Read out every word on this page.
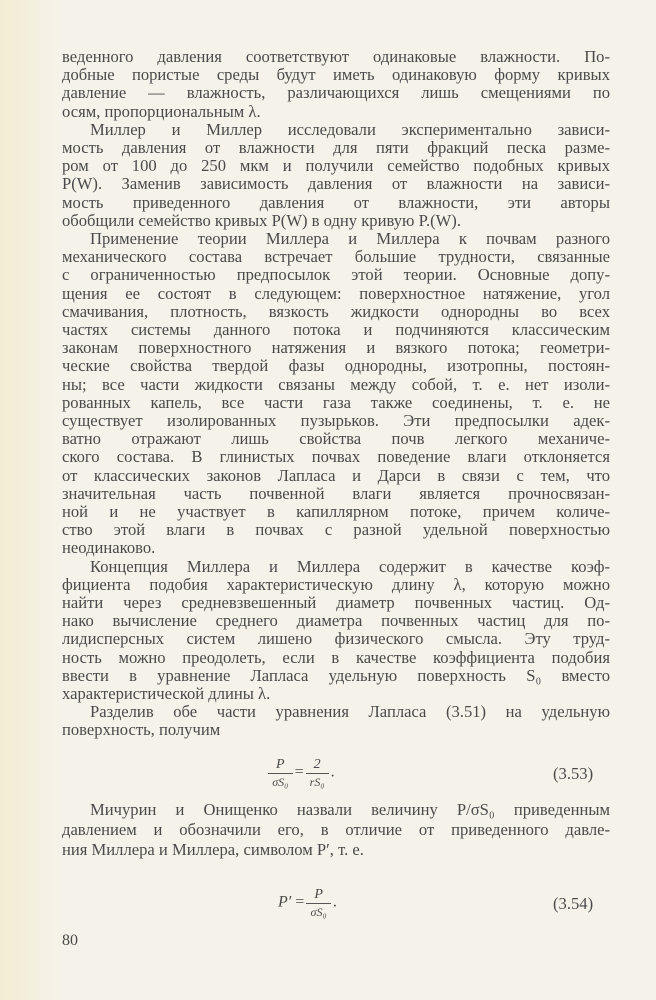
веденного давления соответствуют одинаковые влажности. По-
добные пористые среды будут иметь одинаковую форму кривых
давление — влажность, различающихся лишь смещениями по
осям, пропорциональным λ.
Миллер и Миллер исследовали экспериментально зависи-
мость давления от влажности для пяти фракций песка разме-
ром от 100 до 250 мкм и получили семейство подобных кривых
P(W). Заменив зависимость давления от влажности на зависи-
мость приведенного давления от влажности, эти авторы
обобщили семейство кривых P(W) в одну кривую P.(W).
Применение теории Миллера и Миллера к почвам разного
механического состава встречает большие трудности, связанные
с ограниченностью предпосылок этой теории. Основные допу-
щения ее состоят в следующем: поверхностное натяжение, угол
смачивания, плотность, вязкость жидкости однородны во всех
частях системы данного потока и подчиняются классическим
законам поверхностного натяжения и вязкого потока; геометри-
ческие свойства твердой фазы однородны, изотропны, постоян-
ны; все части жидкости связаны между собой, т. е. нет изоли-
рованных капель, все части газа также соединены, т. е. не
существует изолированных пузырьков. Эти предпосылки адек-
ватно отражают лишь свойства почв легкого механиче-
ского состава. В глинистых почвах поведение влаги отклоняется
от классических законов Лапласа и Дарси в связи с тем, что
значительная часть почвенной влаги является прочносвязан-
ной и не участвует в капиллярном потоке, причем количе-
ство этой влаги в почвах с разной удельной поверхностью
неодинаково.
Концепция Миллера и Миллера содержит в качестве коэф-
фициента подобия характеристическую длину λ, которую можно
найти через средневзвешенный диаметр почвенных частиц. Од-
нако вычисление среднего диаметра почвенных частиц для по-
лидисперсных систем лишено физического смысла. Эту труд-
ность можно преодолеть, если в качестве коэффициента подобия
ввести в уравнение Лапласа удельную поверхность S₀ вместо
характеристической длины λ.
Разделив обе части уравнения Лапласа (3.51) на удельную
поверхность, получим
Мичурин и Онищенко назвали величину P/σS₀ приведенным
давлением и обозначили его, в отличие от приведенного давле-
ния Миллера и Миллера, символом P′, т. е.
$\frac{P}{\text{σS₀}} = \frac{2}{\text{rS₀}}$ .	(3.53)
$P' = \frac{P}{\text{σS₀}}$ .	(3.54)
80
